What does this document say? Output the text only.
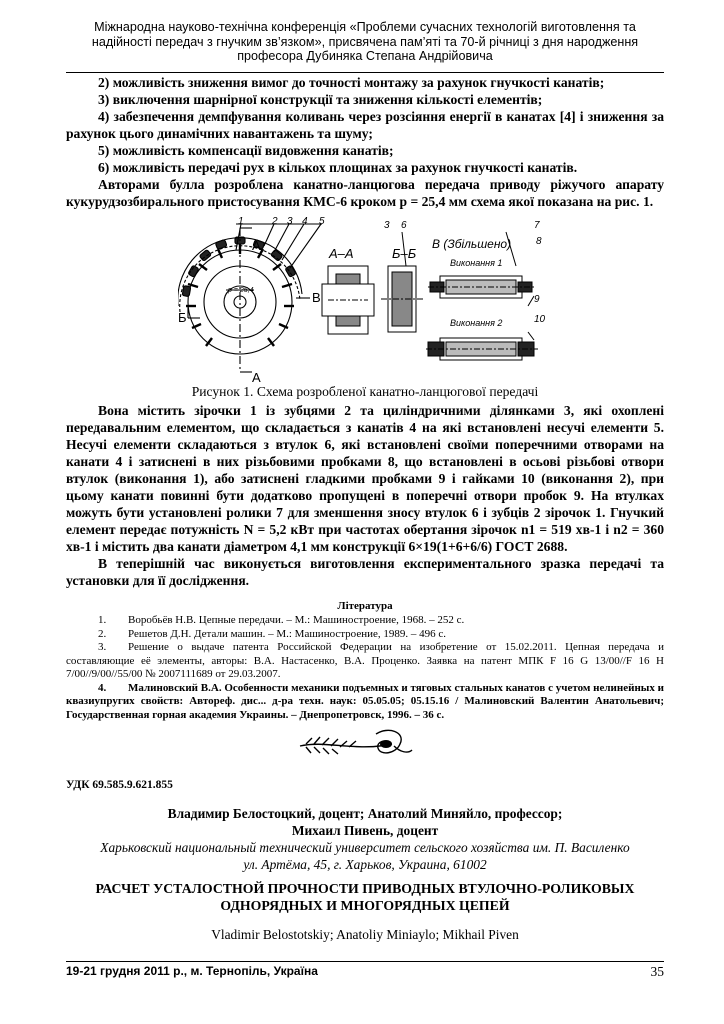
Міжнародна науково-технічна конференція «Проблеми сучасних технологій виготовлення та
надійності передач з гнучким зв’язком», присвячена пам’яті та 70-й річниці з дня народження
професора Дубиняка Степана Андрійовича

2) можливість зниження вимог до точності монтажу за рахунок гнучкості канатів;

3) виключення шарнірної конструкції та зниження кількості елементів;

4) забезпечення демпфування коливань через розсіяння енергії в канатах [4] і зниження за рахунок цього динамічних навантажень та шуму;

5) можливість компенсації видовження канатів;

6) можливість передачі рух в кількох площинах за рахунок гнучкості канатів.

Авторами булла розроблена канатно-ланцюгова передача приводу ріжучого апарату кукурудзозбирального пристосування КМС-6 кроком p = 25,4 мм схема якої показана на рис. 1.

1	2 3 4 5	3 6	7
8
9
10
Виконання 1
Виконання 2
p = 25,4
А
А
Б
В
А–А	Б–Б
В (Збільшено)
Рисунок 1. Схема розробленої канатно-ланцюгової передачі

Вона містить зірочки 1 із зубцями 2 та циліндричними ділянками 3, які охоплені передавальним елементом, що складається з канатів 4 на які встановлені несучі елементи 5. Несучі елементи складаються з втулок 6, які встановлені своїми поперечними отворами на канати 4 і затиснені в них різьбовими пробками 8, що встановлені в осьові різьбові отвори втулок (виконання 1), або затиснені гладкими пробками 9 і гайками 10 (виконання 2), при цьому канати повинні бути додатково пропущені в поперечні отвори пробок 9. На втулках можуть бути установлені ролики 7 для зменшення зносу втулок 6 і зубців 2 зірочок 1. Гнучкий елемент передає потужність N = 5,2 кВт при частотах обертання зірочок n1 = 519 хв-1 і n2 = 360 хв-1 і містить два канати діаметром 4,1 мм конструкції 6×19(1+6+6/6) ГОСТ 2688.

В теперішній час виконується виготовлення експериментального зразка передачі та установки для її дослідження.

Література
1. Воробьёв Н.В. Цепные передачи. – М.: Машиностроение, 1968. – 252 с.
2. Решетов Д.Н. Детали машин. – М.: Машиностроение, 1989. – 496 с.
3. Решение о выдаче патента Российской Федерации на изобретение от 15.02.2011. Цепная передача и составляющие её элементы, авторы: В.А. Настасенко, В.А. Проценко. Заявка на патент МПК F 16 G 13/00//F 16 H 7/00//9/00//55/00 № 2007111689 от 29.03.2007.
4. Малиновский В.А. Особенности механики подъемных и тяговых стальных канатов с учетом нелинейных и квазиупругих свойств: Автореф. дис... д-ра техн. наук: 05.05.05; 05.15.16 / Малиновский Валентин Анатольевич; Государственная горная академия Украины. – Днепропетровск, 1996. – 36 с.
УДК 69.585.9.621.855
Владимир Белостоцкий, доцент; Анатолий Миняйло, профессор;
Михаил Пивень, доцент
Харьковский национальный технический университет сельского хозяйства им. П. Василенко
ул. Артёма, 45, г. Харьков, Украина, 61002
РАСЧЕТ УСТАЛОСТНОЙ ПРОЧНОСТИ ПРИВОДНЫХ ВТУЛОЧНО-РОЛИКОВЫХ
ОДНОРЯДНЫХ И МНОГОРЯДНЫХ ЦЕПЕЙ
Vladimir Belostotskiy; Anatoliy Miniaylo; Mikhail Piven
19-21 грудня 2011 р., м. Тернопіль, Україна	35
